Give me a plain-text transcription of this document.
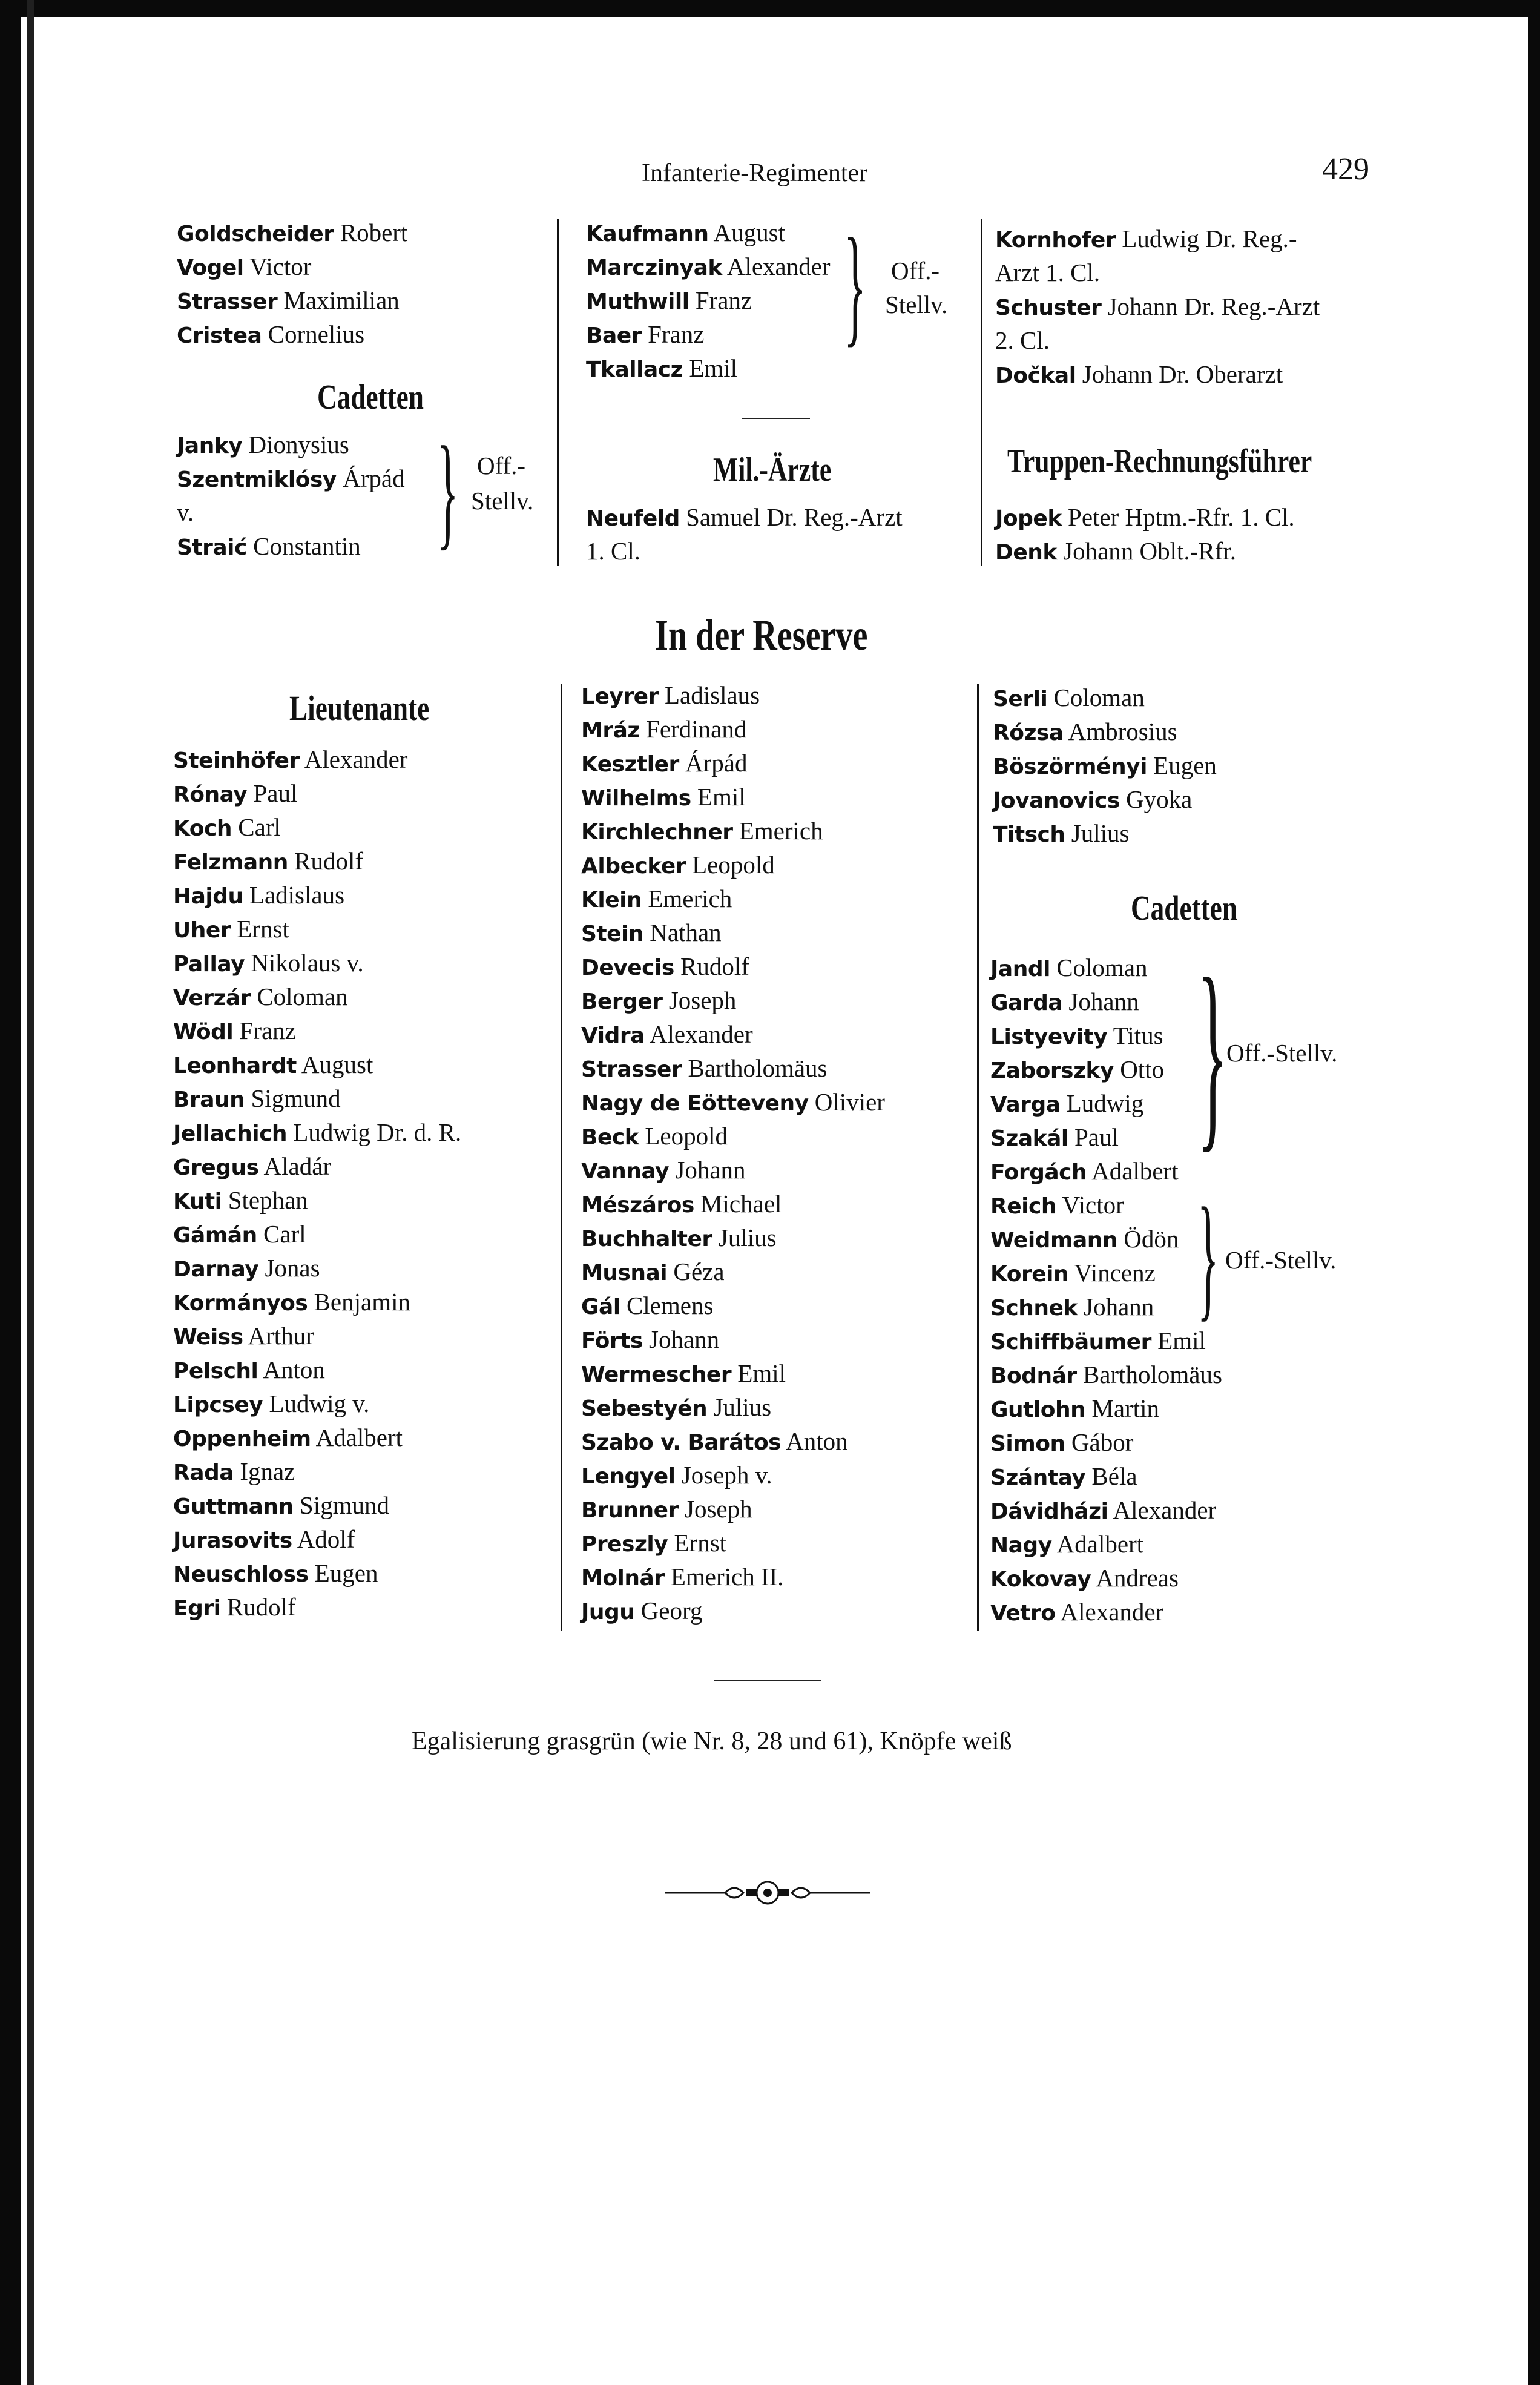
Infanterie-Regimenter	429
Goldscheider Robert
Vogel Victor
Strasser Maximilian
Cristea Cornelius
Cadetten
Janky Dionysius
Szentmiklósy Árpád
v.
Straić Constantin } Off.-
Stellv.
Kaufmann August
Marczinyak Alexander
Muthwill Franz
Baer Franz
Tkallacz Emil
} Off.-
Stellv.
Mil.-Ärzte
Neufeld Samuel Dr. Reg.-Arzt
1. Cl.
Kornhofer Ludwig Dr. Reg.-
Arzt 1. Cl.
Schuster Johann Dr. Reg.-Arzt
2. Cl.
Dočkal Johann Dr. Oberarzt
Truppen-Rechnungsführer
Jopek Peter Hptm.-Rfr. 1. Cl.
Denk Johann Oblt.-Rfr.
In der Reserve
Lieutenante
Steinhöfer Alexander
Rónay Paul
Koch Carl
Felzmann Rudolf
Hajdu Ladislaus
Uher Ernst
Pallay Nikolaus v.
Verzár Coloman
Wödl Franz
Leonhardt August
Braun Sigmund
Jellachich Ludwig Dr. d. R.
Gregus Aladár
Kuti Stephan
Gámán Carl
Darnay Jonas
Kormányos Benjamin
Weiss Arthur
Pelschl Anton
Lipcsey Ludwig v.
Oppenheim Adalbert
Rada Ignaz
Guttmann Sigmund
Jurasovits Adolf
Neuschloss Eugen
Egri Rudolf
Leyrer Ladislaus
Mráz Ferdinand
Kesztler Árpád
Wilhelms Emil
Kirchlechner Emerich
Albecker Leopold
Klein Emerich
Stein Nathan
Devecis Rudolf
Berger Joseph
Vidra Alexander
Strasser Bartholomäus
Nagy de Eötteveny Olivier
Beck Leopold
Vannay Johann
Mészáros Michael
Buchhalter Julius
Musnai Géza
Gál Clemens
Förts Johann
Wermescher Emil
Sebestyén Julius
Szabo v. Barátos Anton
Lengyel Joseph v.
Brunner Joseph
Preszly Ernst
Molnár Emerich II.
Jugu Georg
Serli Coloman
Rózsa Ambrosius
Böszörményi Eugen
Jovanovics Gyoka
Titsch Julius
Cadetten
Jandl Coloman
Garda Johann
Listyevity Titus
Zaborszky Otto
Varga Ludwig
Szakál Paul
Forgách Adalbert
Reich Victor
Weidmann Ödön
Korein Vincenz
Schnek Johann
Schiffbäumer Emil
Bodnár Bartholomäus
Gutlohn Martin
Simon Gábor
Szántay Béla
Dávidházi Alexander
Nagy Adalbert
Kokovay Andreas
Vetro Alexander
}
Off.-Stellv.
} Off.-Stellv.
Egalisierung grasgrün (wie Nr. 8, 28 und 61), Knöpfe weiß
